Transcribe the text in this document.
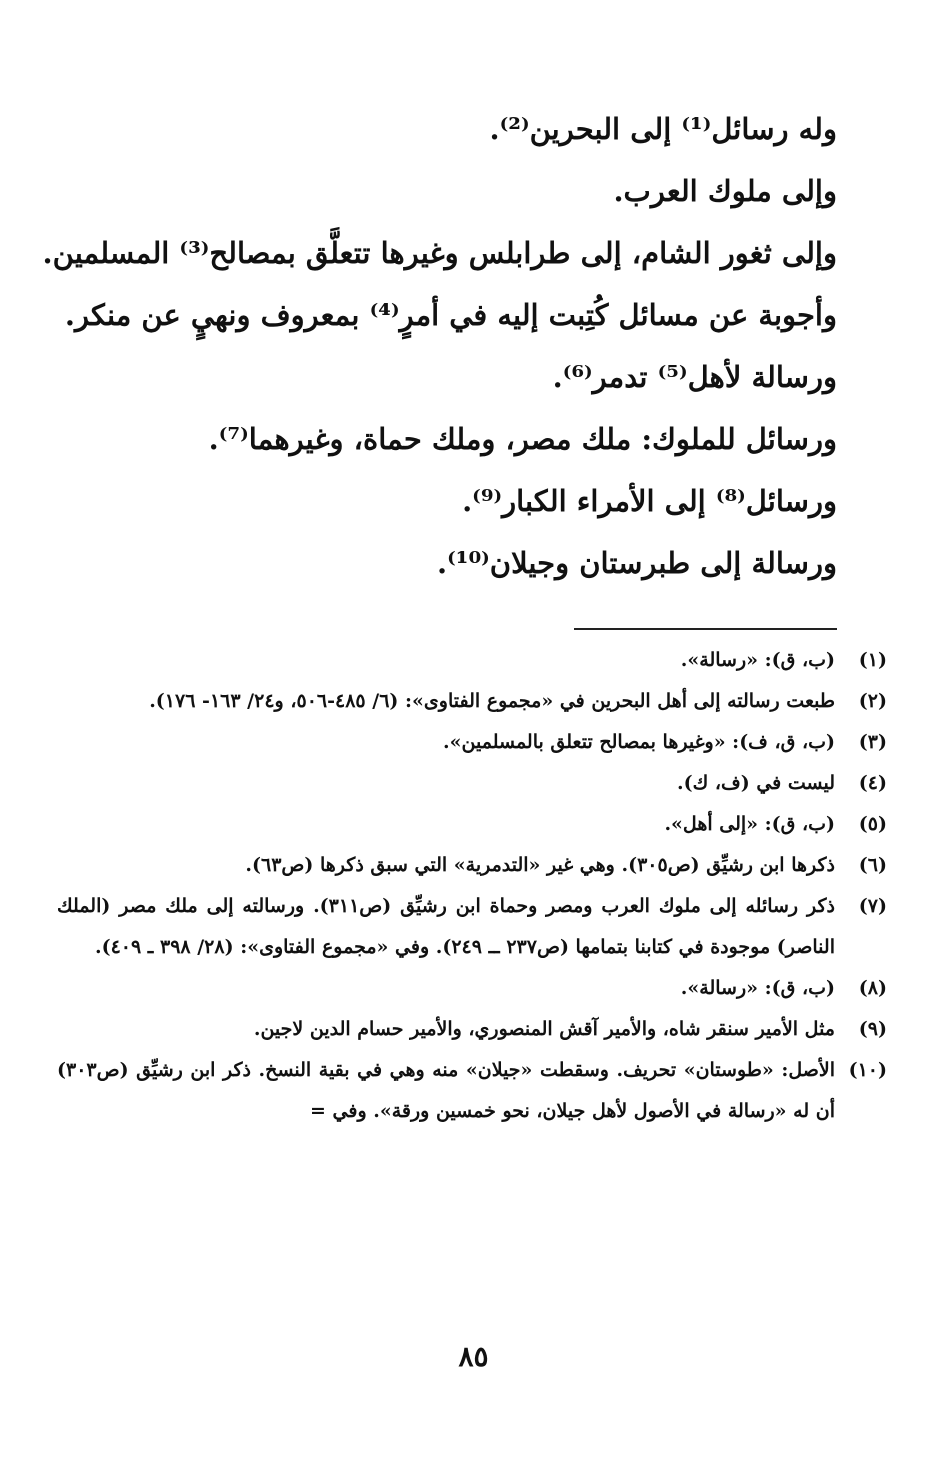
وله رسائل⁽¹⁾ إلى البحرين⁽²⁾.
وإلى ملوك العرب.
وإلى ثغور الشام، إلى طرابلس وغيرها تتعلَّق بمصالح⁽³⁾ المسلمين.
وأجوبة عن مسائل كُتِبت إليه في أمرٍ⁽⁴⁾ بمعروف ونهيٍ عن منكر.
ورسالة لأهل⁽⁵⁾ تدمر⁽⁶⁾.
ورسائل للملوك: ملك مصر، وملك حماة، وغيرهما⁽⁷⁾.
ورسائل⁽⁸⁾ إلى الأمراء الكبار⁽⁹⁾.
ورسالة إلى طبرستان وجيلان⁽¹⁰⁾.
(١)
(ب، ق): «رسالة».
(٢)
طبعت رسالته إلى أهل البحرين في «مجموع الفتاوى»: (٦/ ٤٨٥-٥٠٦، و٢٤/ ١٦٣- ١٧٦).
(٣)
(ب، ق، ف): «وغيرها بمصالح تتعلق بالمسلمين».
(٤)
ليست في (ف، ك).
(٥)
(ب، ق): «إلى أهل».
(٦)
ذكرها ابن رشيِّق (ص٣٠٥). وهي غير «التدمرية» التي سبق ذكرها (ص٦٣).
(٧)
ذكر رسائله إلى ملوك العرب ومصر وحماة ابن رشيِّق (ص٣١١). ورسالته إلى ملك مصر (الملك الناصر) موجودة في كتابنا بتمامها (ص٢٣٧ ــ ٢٤٩). وفي «مجموع الفتاوى»: (٢٨/ ٣٩٨ ـ ٤٠٩).
(٨)
(ب، ق): «رسالة».
(٩)
مثل الأمير سنقر شاه، والأمير آقش المنصوري، والأمير حسام الدين لاجين.
(١٠)
الأصل: «طوستان» تحريف. وسقطت «جيلان» منه وهي في بقية النسخ. ذكر ابن رشيِّق (ص٣٠٣) أن له «رسالة في الأصول لأهل جيلان، نحو خمسين ورقة». وفي =
٨٥
